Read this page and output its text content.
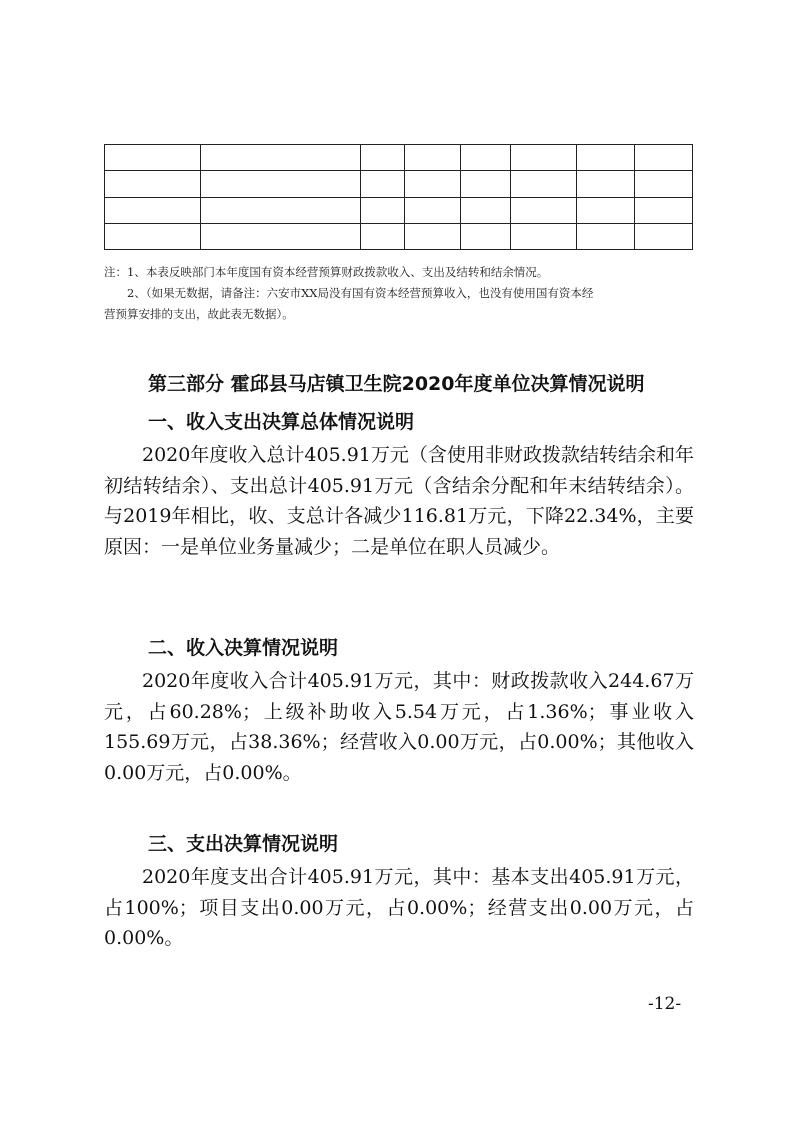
注：1、本表反映部门本年度国有资本经营预算财政拨款收入、支出及结转和结余情况。
2、（如果无数据，请备注：六安市XX局没有国有资本经营预算收入，也没有使用国有资本经
营预算安排的支出，故此表无数据）。
第三部分 霍邱县马店镇卫生院2020年度单位决算情况说明
一、收入支出决算总体情况说明

2020年度收入总计405.91万元（含使用非财政拨款结转结余和年初结转结余）、支出总计405.91万元（含结余分配和年末结转结余）。与2019年相比，收、支总计各减少116.81万元，下降22.34%，主要原因：一是单位业务量减少；二是单位在职人员减少。

二、收入决算情况说明

2020年度收入合计405.91万元，其中：财政拨款收入244.67万元，占60.28%；上级补助收入5.54万元，占1.36%；事业收入155.69万元，占38.36%；经营收入0.00万元，占0.00%；其他收入0.00万元，占0.00%。

三、支出决算情况说明

2020年度支出合计405.91万元，其中：基本支出405.91万元，占100%；项目支出0.00万元，占0.00%；经营支出0.00万元，占0.00%。

-12-
